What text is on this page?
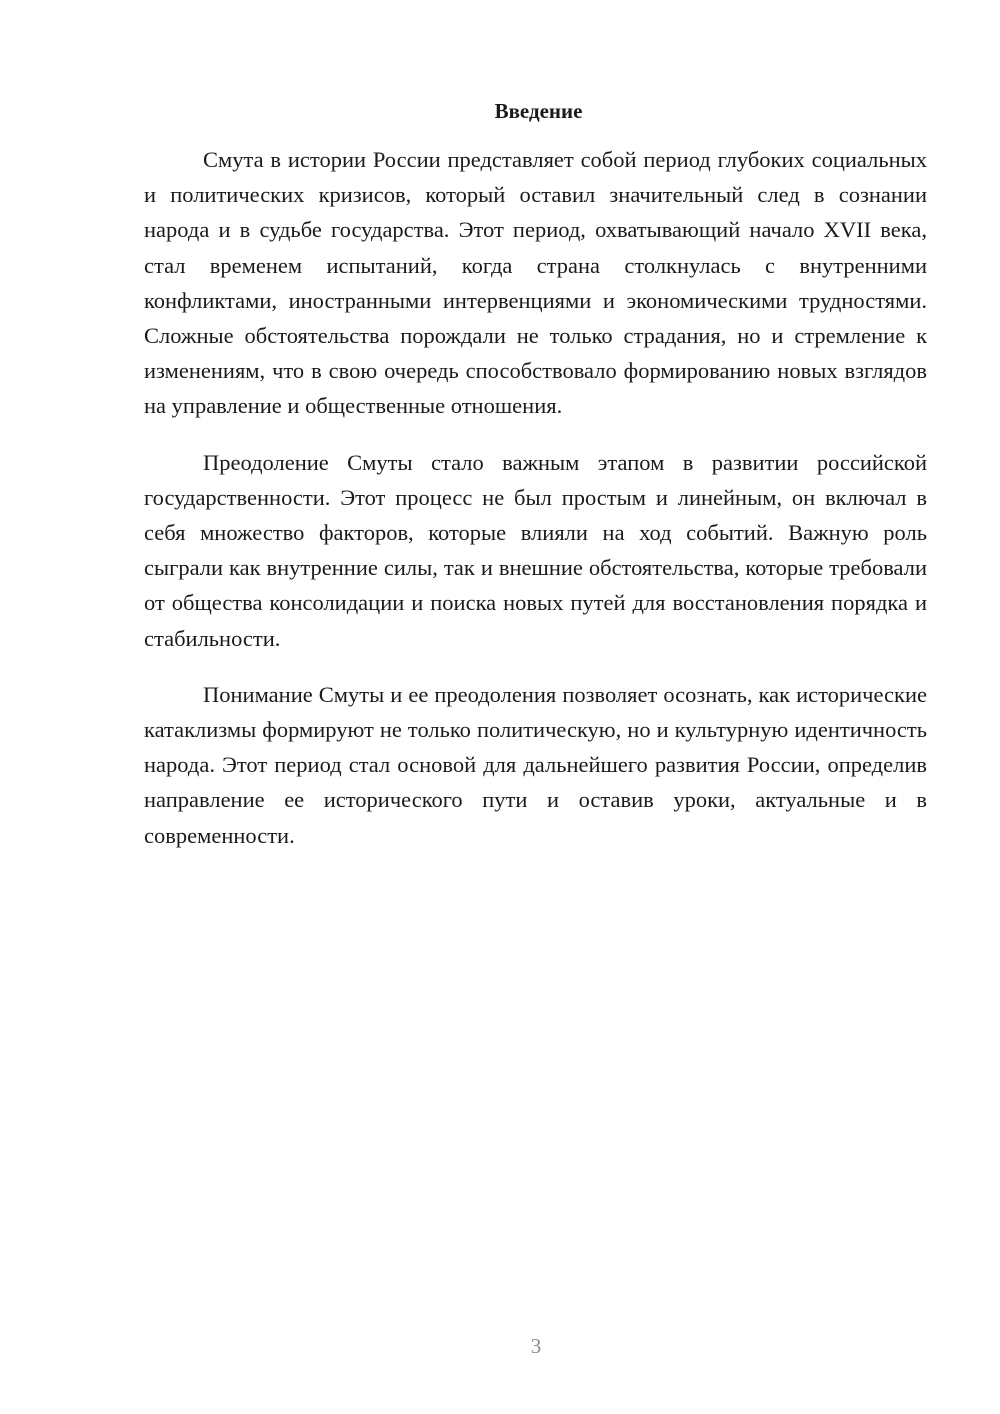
Введение

Смута в истории России представляет собой период глубоких социальных и политических кризисов, который оставил значительный след в сознании народа и в судьбе государства. Этот период, охватывающий начало XVII века, стал временем испытаний, когда страна столкнулась с внутренними конфликтами, иностранными интервенциями и экономическими трудностями. Сложные обстоятельства порождали не только страдания, но и стремление к изменениям, что в свою очередь способствовало формированию новых взглядов на управление и общественные отношения.

Преодоление Смуты стало важным этапом в развитии российской государственности. Этот процесс не был простым и линейным, он включал в себя множество факторов, которые влияли на ход событий. Важную роль сыграли как внутренние силы, так и внешние обстоятельства, которые требовали от общества консолидации и поиска новых путей для восстановления порядка и стабильности.

Понимание Смуты и ее преодоления позволяет осознать, как исторические катаклизмы формируют не только политическую, но и культурную идентичность народа. Этот период стал основой для дальнейшего развития России, определив направление ее исторического пути и оставив уроки, актуальные и в современности.

3
